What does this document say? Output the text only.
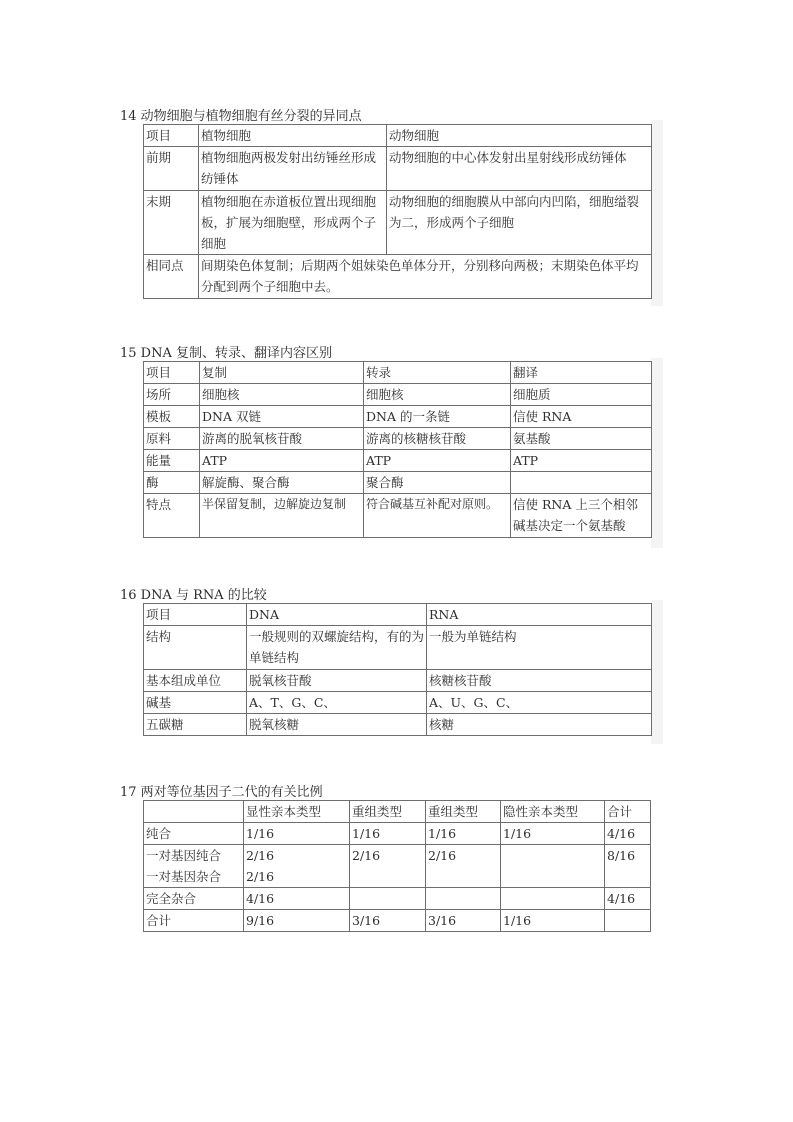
14 动物细胞与植物细胞有丝分裂的异同点
项目	植物细胞	动物细胞
前期	植物细胞两极发射出纺锤丝形成纺锤体	动物细胞的中心体发射出星射线形成纺锤体
末期	植物细胞在赤道板位置出现细胞板，扩展为细胞壁，形成两个子细胞	动物细胞的细胞膜从中部向内凹陷，细胞缢裂为二，形成两个子细胞
相同点	间期染色体复制；后期两个姐妹染色单体分开，分别移向两极；末期染色体平均分配到两个子细胞中去。	
15 DNA 复制、转录、翻译内容区别
项目	复制	转录	翻译
场所	细胞核	细胞核	细胞质
模板	DNA 双链	DNA 的一条链	信使 RNA
原料	游离的脱氧核苷酸	游离的核糖核苷酸	氨基酸
能量	ATP	ATP	ATP
酶	解旋酶、聚合酶	聚合酶	
特点	半保留复制，边解旋边复制	符合碱基互补配对原则。	信使 RNA 上三个相邻碱基决定一个氨基酸
16 DNA 与 RNA 的比较
项目	DNA	RNA
结构	一般规则的双螺旋结构，有的为单链结构	一般为单链结构
基本组成单位	脱氧核苷酸	核糖核苷酸
碱基	A、T、G、C、	A、U、G、C、
五碳糖	脱氧核糖	核糖
17 两对等位基因子二代的有关比例
	显性亲本类型	重组类型	重组类型	隐性亲本类型	合计
纯合	1/16	1/16	1/16	1/16	4/16
一对基因纯合	2/16	2/16	2/16		8/16
一对基因杂合	2/16				
完全杂合	4/16				4/16
合计	9/16	3/16	3/16	1/16	
